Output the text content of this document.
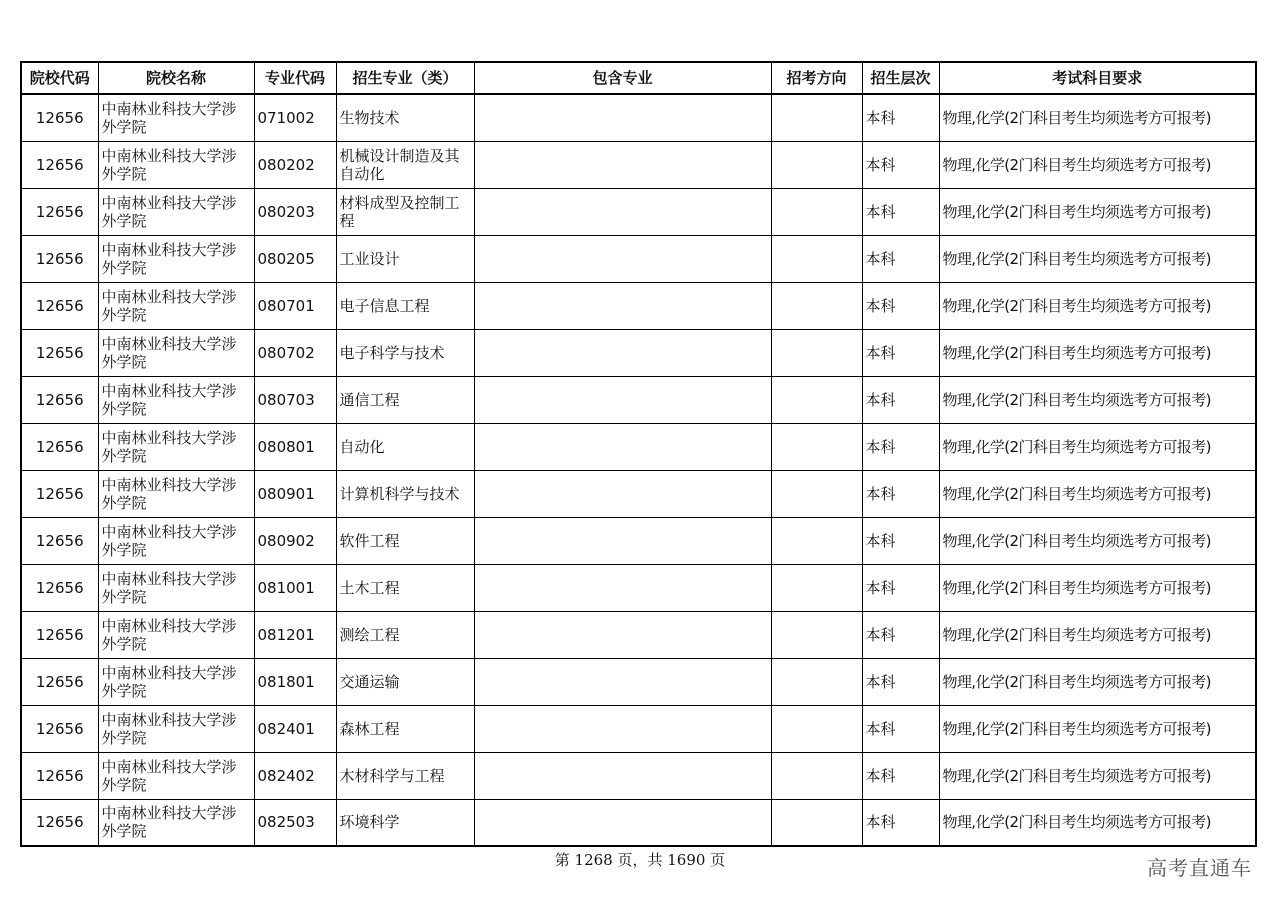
院校代码	院校名称	专业代码	招生专业（类）	包含专业	招考方向	招生层次	考试科目要求
12656	中南林业科技大学涉外学院	071002	生物技术			本科	物理,化学(2门科目考生均须选考方可报考)
12656	中南林业科技大学涉外学院	080202	机械设计制造及其自动化			本科	物理,化学(2门科目考生均须选考方可报考)
12656	中南林业科技大学涉外学院	080203	材料成型及控制工程			本科	物理,化学(2门科目考生均须选考方可报考)
12656	中南林业科技大学涉外学院	080205	工业设计			本科	物理,化学(2门科目考生均须选考方可报考)
12656	中南林业科技大学涉外学院	080701	电子信息工程			本科	物理,化学(2门科目考生均须选考方可报考)
12656	中南林业科技大学涉外学院	080702	电子科学与技术			本科	物理,化学(2门科目考生均须选考方可报考)
12656	中南林业科技大学涉外学院	080703	通信工程			本科	物理,化学(2门科目考生均须选考方可报考)
12656	中南林业科技大学涉外学院	080801	自动化			本科	物理,化学(2门科目考生均须选考方可报考)
12656	中南林业科技大学涉外学院	080901	计算机科学与技术			本科	物理,化学(2门科目考生均须选考方可报考)
12656	中南林业科技大学涉外学院	080902	软件工程			本科	物理,化学(2门科目考生均须选考方可报考)
12656	中南林业科技大学涉外学院	081001	土木工程			本科	物理,化学(2门科目考生均须选考方可报考)
12656	中南林业科技大学涉外学院	081201	测绘工程			本科	物理,化学(2门科目考生均须选考方可报考)
12656	中南林业科技大学涉外学院	081801	交通运输			本科	物理,化学(2门科目考生均须选考方可报考)
12656	中南林业科技大学涉外学院	082401	森林工程			本科	物理,化学(2门科目考生均须选考方可报考)
12656	中南林业科技大学涉外学院	082402	木材科学与工程			本科	物理,化学(2门科目考生均须选考方可报考)
12656	中南林业科技大学涉外学院	082503	环境科学			本科	物理,化学(2门科目考生均须选考方可报考)
第 1268 页，共 1690 页	高考直通车
